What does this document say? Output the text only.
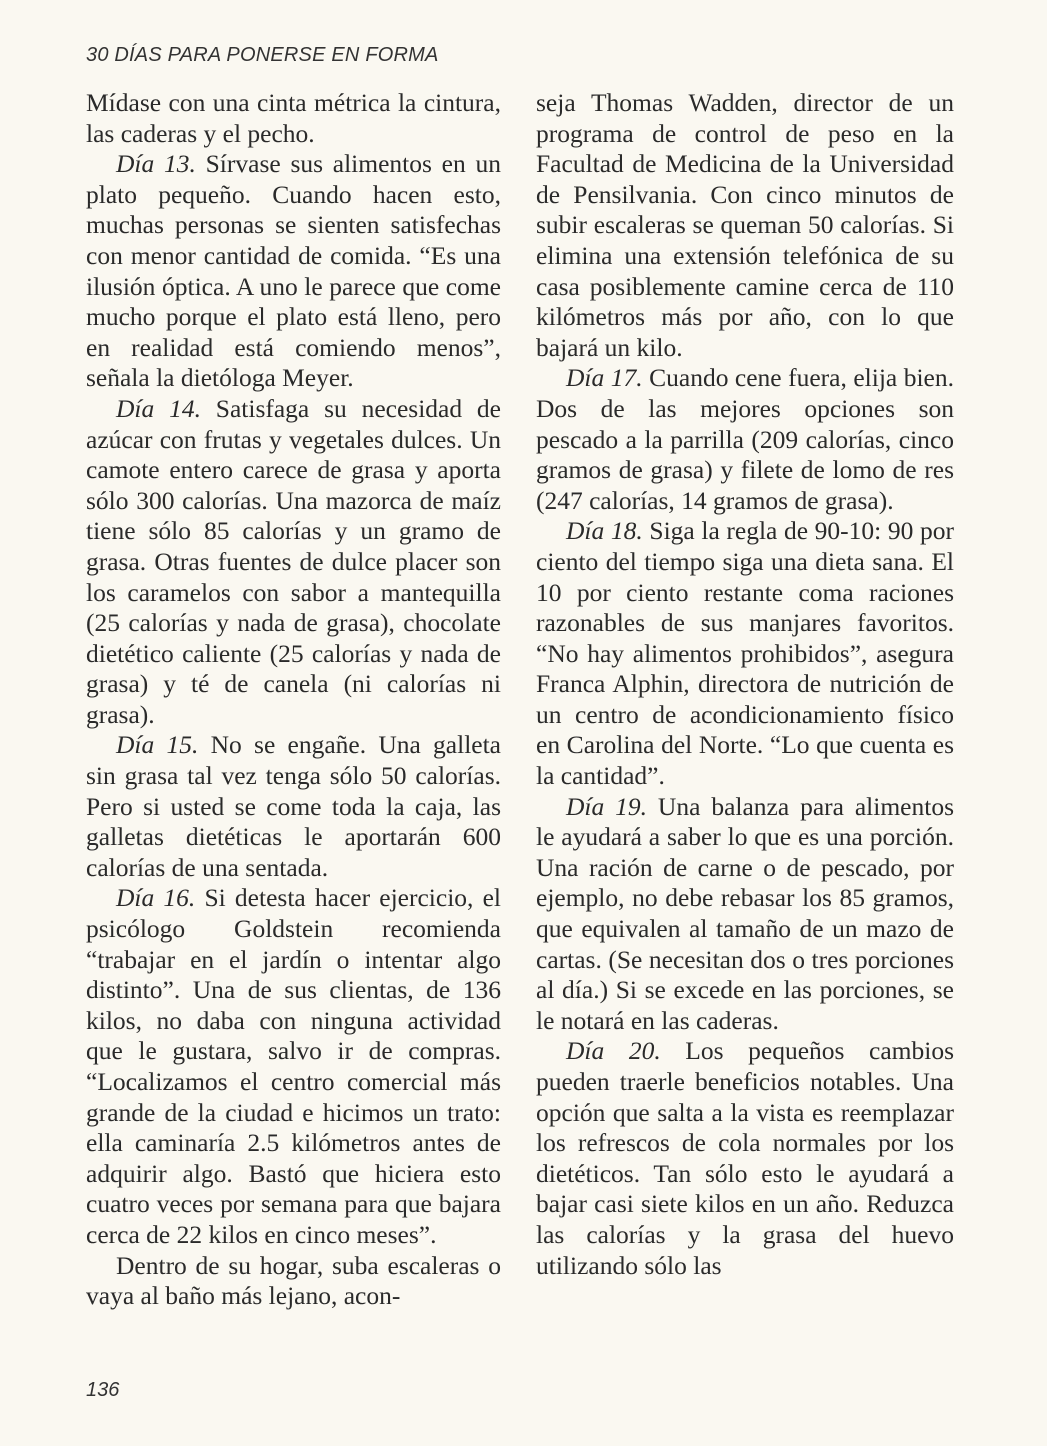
30 DÍAS PARA PONERSE EN FORMA

Mídase con una cinta métrica la cintura, las caderas y el pecho.

Día 13. Sírvase sus alimentos en un plato pequeño. Cuando hacen esto, muchas personas se sienten satisfechas con menor cantidad de comida. “Es una ilusión óptica. A uno le parece que come mucho porque el plato está lleno, pero en realidad está comiendo menos”, señala la dietóloga Meyer.

Día 14. Satisfaga su necesidad de azúcar con frutas y vegetales dulces. Un camote entero carece de grasa y aporta sólo 300 calorías. Una mazorca de maíz tiene sólo 85 calorías y un gramo de grasa. Otras fuentes de dulce placer son los caramelos con sabor a mantequilla (25 calorías y nada de grasa), chocolate dietético caliente (25 calorías y nada de grasa) y té de canela (ni calorías ni grasa).

Día 15. No se engañe. Una galleta sin grasa tal vez tenga sólo 50 calorías. Pero si usted se come toda la caja, las galletas dietéticas le aportarán 600 calorías de una sentada.

Día 16. Si detesta hacer ejercicio, el psicólogo Goldstein recomienda “trabajar en el jardín o intentar algo distinto”. Una de sus clientas, de 136 kilos, no daba con ninguna actividad que le gustara, salvo ir de compras. “Localizamos el centro comercial más grande de la ciudad e hicimos un trato: ella caminaría 2.5 kilómetros antes de adquirir algo. Bastó que hiciera esto cuatro veces por semana para que bajara cerca de 22 kilos en cinco meses”.

Dentro de su hogar, suba escaleras o vaya al baño más lejano, acon-

seja Thomas Wadden, director de un programa de control de peso en la Facultad de Medicina de la Universidad de Pensilvania. Con cinco minutos de subir escaleras se queman 50 calorías. Si elimina una extensión telefónica de su casa posiblemente camine cerca de 110 kilómetros más por año, con lo que bajará un kilo.

Día 17. Cuando cene fuera, elija bien. Dos de las mejores opciones son pescado a la parrilla (209 calorías, cinco gramos de grasa) y filete de lomo de res (247 calorías, 14 gramos de grasa).

Día 18. Siga la regla de 90-10: 90 por ciento del tiempo siga una dieta sana. El 10 por ciento restante coma raciones razonables de sus manjares favoritos. “No hay alimentos prohibidos”, asegura Franca Alphin, directora de nutrición de un centro de acondicionamiento físico en Carolina del Norte. “Lo que cuenta es la cantidad”.

Día 19. Una balanza para alimentos le ayudará a saber lo que es una porción. Una ración de carne o de pescado, por ejemplo, no debe rebasar los 85 gramos, que equivalen al tamaño de un mazo de cartas. (Se necesitan dos o tres porciones al día.) Si se excede en las porciones, se le notará en las caderas.

Día 20. Los pequeños cambios pueden traerle beneficios notables. Una opción que salta a la vista es reemplazar los refrescos de cola normales por los dietéticos. Tan sólo esto le ayudará a bajar casi siete kilos en un año. Reduzca las calorías y la grasa del huevo utilizando sólo las

136
